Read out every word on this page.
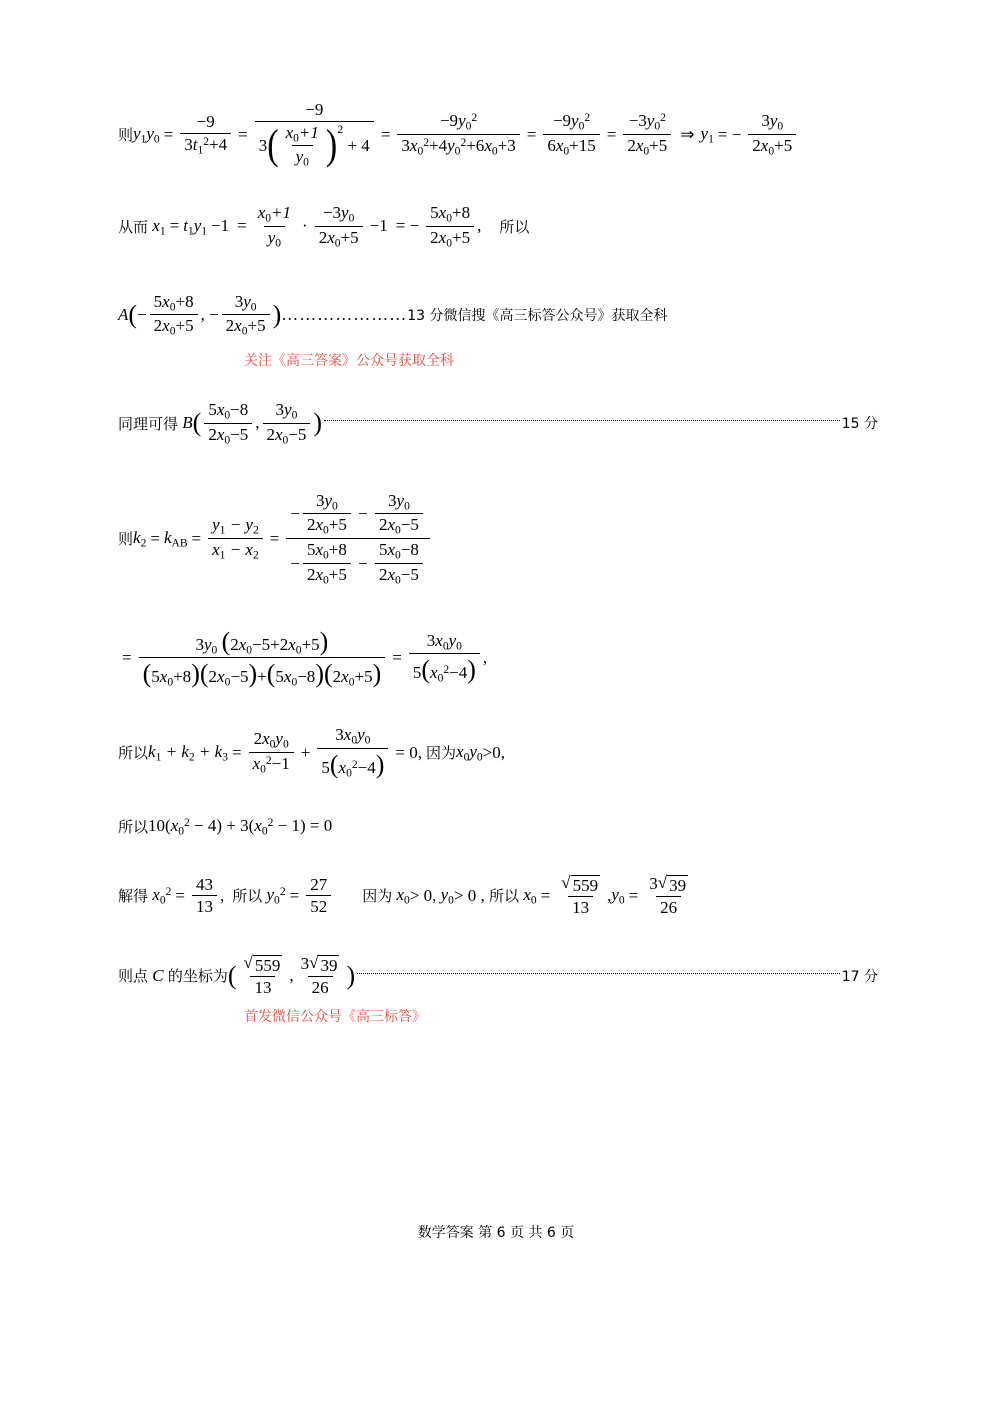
则 $y_1y_0 = \frac{-9}{3t_1^2+4}$ =
−9
3 ( $\frac{x_0+1}{y_0}$ ) 2
+ 4
= $\frac{-9y_0^2}{3x_0^2+4y_0^2+6x_0+3} = \frac{-9y_0^2}{6x_0+15} = \frac{-3y_0^2}{2x_0+5}$ ⇒ $y_1$ = − $\frac{3y_0}{2x_0+5}$
从而 $x_1 = t_1y_1 -1 = \frac{x_0+1}{y_0} \cdot \frac{-3y_0}{2x_0+5} -1$ = − $\frac{5x_0+8}{2x_0+5}$ , 所以
A ( − $\frac{5x_0+8}{2x_0+5}$ , − $\frac{3y_0}{2x_0+5}$ ) ………………… 13 分 微信搜《高三标答公众号》获取全科
关注《高三答案》公众号获取全科
同理可得 B ( $\frac{5x_0-8}{2x_0-5}$ , $\frac{3y_0}{2x_0-5}$ )	15 分
则 $k_2 = k_{AB} = \frac{y_1 - y_2}{x_1 - x_2}$ =
− $\frac{3y_0}{2x_0+5} - \frac{3y_0}{2x_0-5}$
− $\frac{5x_0+8}{2x_0+5} - \frac{5x_0-8}{2x_0-5}$
= $\frac{3y_0 (2x_0-5+2x_0+5)}{(5x_0+8)(2x_0-5)+(5x_0-8)(2x_0+5)} = \frac{3x_0y_0}{5(x_0^2-4)}$ ,
所以 $k_1 + k_2 + k_3 = \frac{2x_0y_0}{x_0^2-1} + \frac{3x_0y_0}{5(x_0^2-4)} = 0$, 因为 $x_0y_0 >0$,
所以 $10(x_0^2 - 4) + 3(x_0^2 - 1) = 0$
解得 $x_0^2 = \frac{43}{13}$ , 所以 $y_0^2 = \frac{27}{52}$ 因为 $x_0 > 0$, $y_0 > 0$ , 所以 $x_0 = \frac{√ 559}{13}$ , $y_0 = \frac{3 √ 39}{26}$
则点 C 的坐标为 ( $\frac{√ 559}{13}$ , $\frac{3 √ 39}{26}$ )	17 分
首发微信公众号《高三标答》
数学答案 第 6 页 共 6 页
